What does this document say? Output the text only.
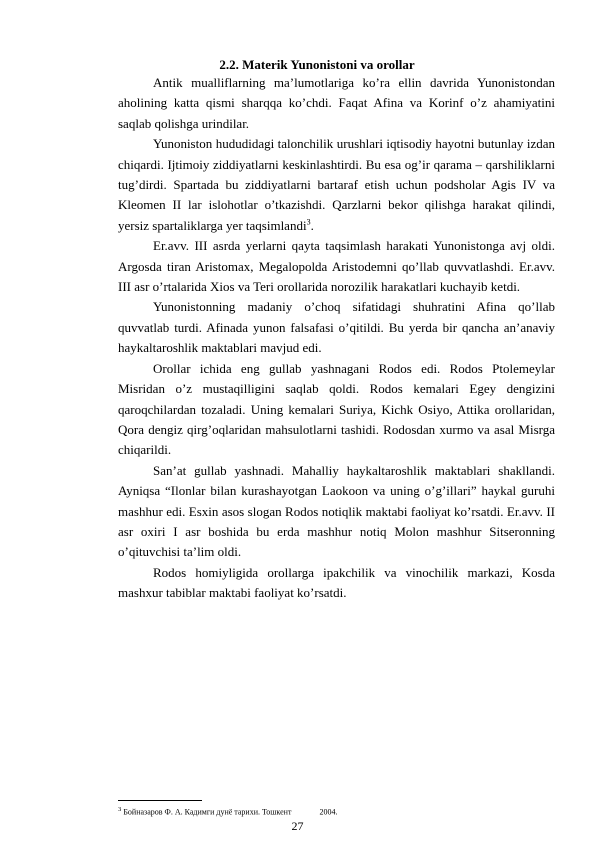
2.2. Materik Yunonistoni va orollar

Antik mualliflarning ma’lumotlariga ko’ra ellin davrida Yunonistondan aholining katta qismi sharqqa ko’chdi. Faqat Afina va Korinf o’z ahamiyatini saqlab qolishga urindilar.

Yunoniston hududidagi talonchilik urushlari iqtisodiy hayotni butunlay izdan chiqardi. Ijtimoiy ziddiyatlarni keskinlashtirdi. Bu esa og’ir qarama – qarshiliklarni tug’dirdi. Spartada bu ziddiyatlarni bartaraf etish uchun podsholar Agis IV va Kleomen II lar islohotlar o’tkazishdi. Qarzlarni bekor qilishga harakat qilindi, yersiz spartaliklarga yer taqsimlandi$^3$.

Er.avv. III asrda yerlarni qayta taqsimlash harakati Yunonistonga avj oldi. Argosda tiran Aristomax, Megalopolda Aristodemni qo’llab quvvatlashdi. Er.avv. III asr o’rtalarida Xios va Teri orollarida norozilik harakatlari kuchayib ketdi.

Yunonistonning madaniy o’choq sifatidagi shuhratini Afina qo’llab quvvatlab turdi. Afinada yunon falsafasi o’qitildi. Bu yerda bir qancha an’anaviy haykaltaroshlik maktablari mavjud edi.

Orollar ichida eng gullab yashnagani Rodos edi. Rodos Ptolemeylar Misridan o’z mustaqilligini saqlab qoldi. Rodos kemalari Egey dengizini qaroqchilardan tozaladi. Uning kemalari Suriya, Kichk Osiyo, Attika orollaridan, Qora dengiz qirg’oqlaridan mahsulotlarni tashidi. Rodosdan xurmo va asal Misrga chiqarildi.

San’at gullab yashnadi. Mahalliy haykaltaroshlik maktablari shakllandi. Ayniqsa “Ilonlar bilan kurashayotgan Laokoon va uning o’g’illari” haykal guruhi mashhur edi. Esxin asos slogan Rodos notiqlik maktabi faoliyat ko’rsatdi. Er.avv. II asr oxiri I asr boshida bu erda mashhur notiq Molon mashhur Sitseronning o’qituvchisi ta’lim oldi.

Rodos homiyligida orollarga ipakchilik va vinochilik markazi, Kosda mashxur tabiblar maktabi faoliyat ko’rsatdi.

$^3$ Бойназаров Ф. А. Кадимги дунё тарихи. Тошкент	2004.
27
